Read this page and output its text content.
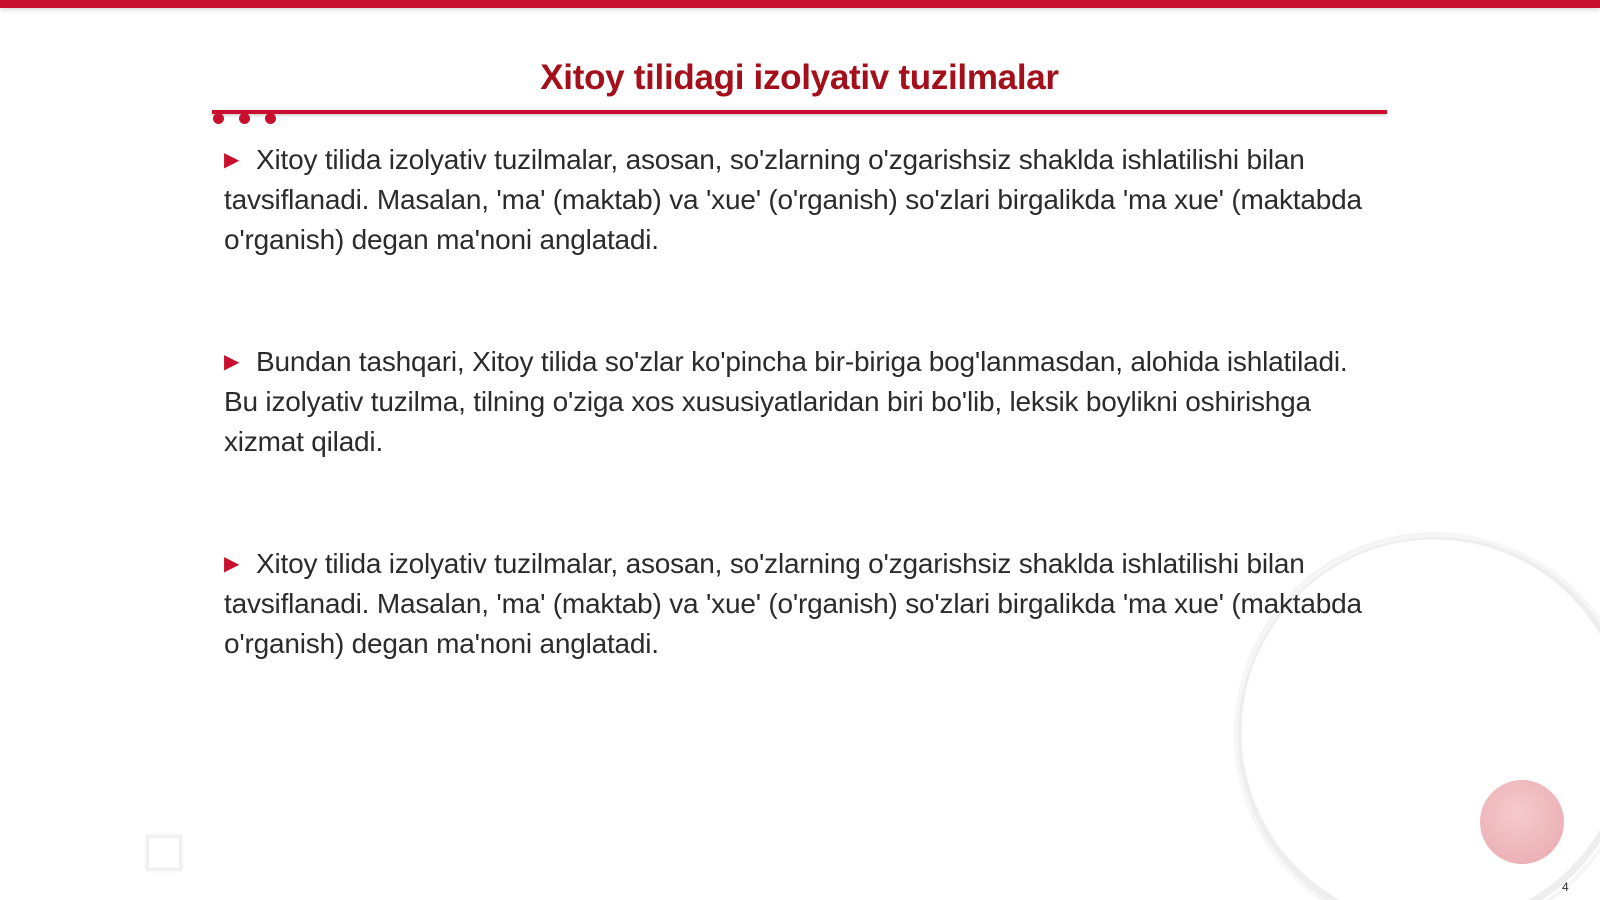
Xitoy tilidagi izolyativ tuzilmalar
▶ Xitoy tilida izolyativ tuzilmalar, asosan, so'zlarning o'zgarishsiz shaklda ishlatilishi bilan tavsiflanadi. Masalan, 'ma' (maktab) va 'xue' (o'rganish) so'zlari birgalikda 'ma xue' (maktabda o'rganish) degan ma'noni anglatadi.
▶ Bundan tashqari, Xitoy tilida so'zlar ko'pincha bir-biriga bog'lanmasdan, alohida ishlatiladi. Bu izolyativ tuzilma, tilning o'ziga xos xususiyatlaridan biri bo'lib, leksik boylikni oshirishga xizmat qiladi.
▶ Xitoy tilida izolyativ tuzilmalar, asosan, so'zlarning o'zgarishsiz shaklda ishlatilishi bilan tavsiflanadi. Masalan, 'ma' (maktab) va 'xue' (o'rganish) so'zlari birgalikda 'ma xue' (maktabda o'rganish) degan ma'noni anglatadi.
4
